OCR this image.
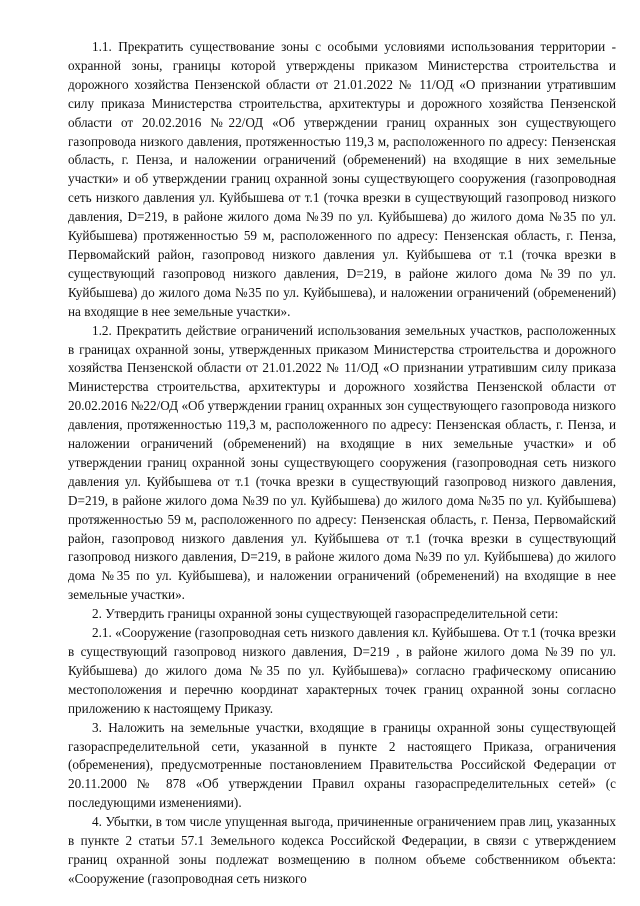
1.1. Прекратить существование зоны с особыми условиями использования территории - охранной зоны, границы которой утверждены приказом Министерства строительства и дорожного хозяйства Пензенской области от 21.01.2022 № 11/ОД «О признании утратившим силу приказа Министерства строительства, архитектуры и дорожного хозяйства Пензенской области от 20.02.2016 №22/ОД «Об утверждении границ охранных зон существующего газопровода низкого давления, протяженностью 119,3 м, расположенного по адресу: Пензенская область, г. Пенза, и наложении ограничений (обременений) на входящие в них земельные участки» и об утверждении границ охранной зоны существующего сооружения (газопроводная сеть низкого давления ул. Куйбышева от т.1 (точка врезки в существующий газопровод низкого давления, D=219, в районе жилого дома №39 по ул. Куйбышева) до жилого дома №35 по ул. Куйбышева) протяженностью 59 м, расположенного по адресу: Пензенская область, г. Пенза, Первомайский район, газопровод низкого давления ул. Куйбышева от т.1 (точка врезки в существующий газопровод низкого давления, D=219, в районе жилого дома №39 по ул. Куйбышева) до жилого дома №35 по ул. Куйбышева), и наложении ограничений (обременений) на входящие в нее земельные участки».

1.2. Прекратить действие ограничений использования земельных участков, расположенных в границах охранной зоны, утвержденных приказом Министерства строительства и дорожного хозяйства Пензенской области от 21.01.2022 № 11/ОД «О признании утратившим силу приказа Министерства строительства, архитектуры и дорожного хозяйства Пензенской области от 20.02.2016 №22/ОД «Об утверждении границ охранных зон существующего газопровода низкого давления, протяженностью 119,3 м, расположенного по адресу: Пензенская область, г. Пенза, и наложении ограничений (обременений) на входящие в них земельные участки» и об утверждении границ охранной зоны существующего сооружения (газопроводная сеть низкого давления ул. Куйбышева от т.1 (точка врезки в существующий газопровод низкого давления, D=219, в районе жилого дома №39 по ул. Куйбышева) до жилого дома №35 по ул. Куйбышева) протяженностью 59 м, расположенного по адресу: Пензенская область, г. Пенза, Первомайский район, газопровод низкого давления ул. Куйбышева от т.1 (точка врезки в существующий газопровод низкого давления, D=219, в районе жилого дома №39 по ул. Куйбышева) до жилого дома №35 по ул. Куйбышева), и наложении ограничений (обременений) на входящие в нее земельные участки».

2. Утвердить границы охранной зоны существующей газораспределительной сети:

2.1. «Сооружение (газопроводная сеть низкого давления кл. Куйбышева. От т.1 (точка врезки в существующий газопровод низкого давления, D=219 , в районе жилого дома №39 по ул. Куйбышева) до жилого дома №35 по ул. Куйбышева)» согласно графическому описанию местоположения и перечню координат характерных точек границ охранной зоны согласно приложению к настоящему Приказу.

3. Наложить на земельные участки, входящие в границы охранной зоны существующей газораспределительной сети, указанной в пункте 2 настоящего Приказа, ограничения (обременения), предусмотренные постановлением Правительства Российской Федерации от 20.11.2000 № 878 «Об утверждении Правил охраны газораспределительных сетей» (с последующими изменениями).

4. Убытки, в том числе упущенная выгода, причиненные ограничением прав лиц, указанных в пункте 2 статьи 57.1 Земельного кодекса Российской Федерации, в связи с утверждением границ охранной зоны подлежат возмещению в полном объеме собственником объекта: «Сооружение (газопроводная сеть низкого
